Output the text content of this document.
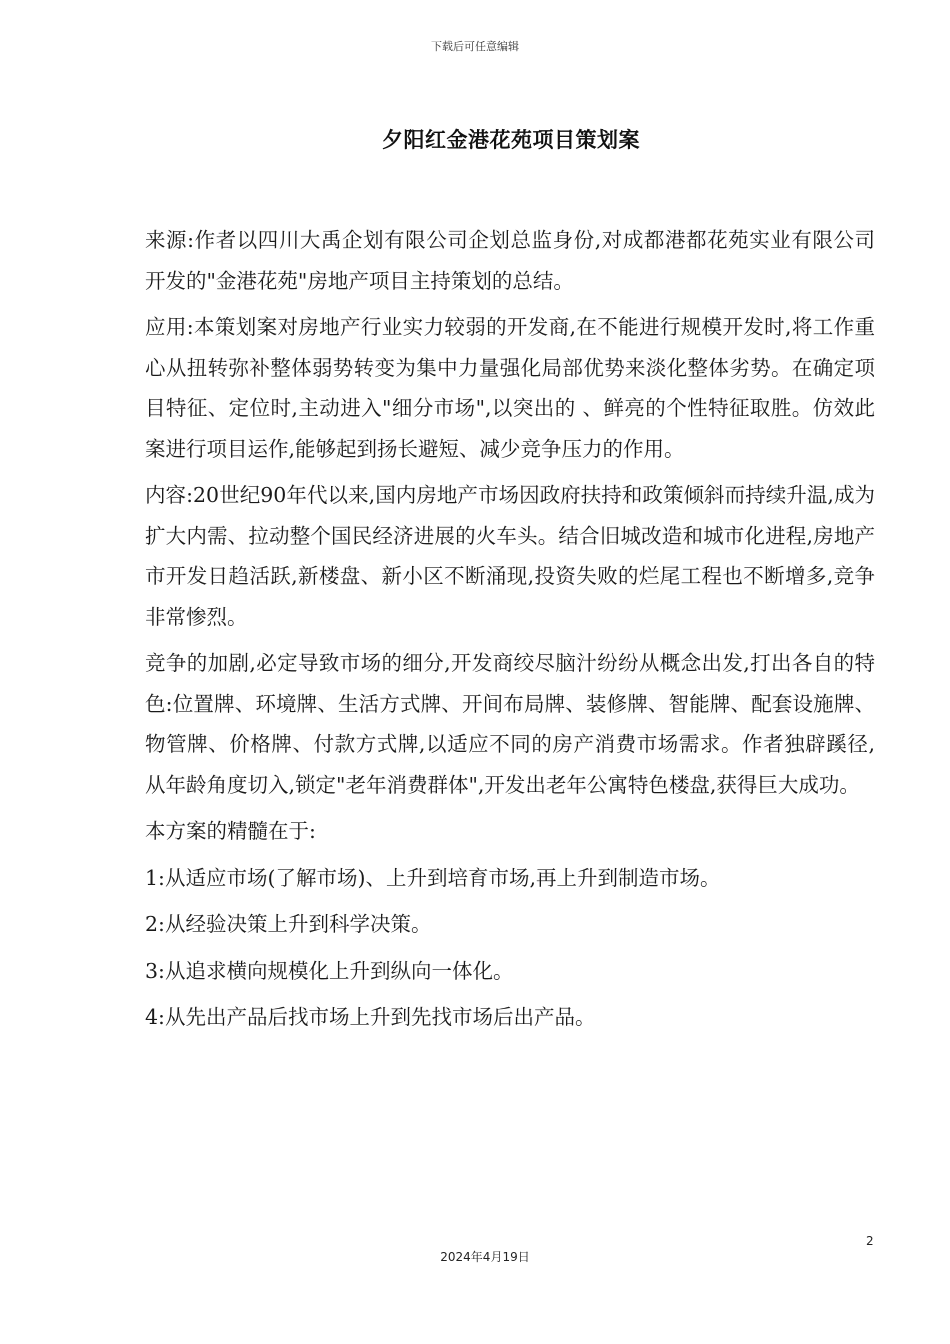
下载后可任意编辑
夕阳红金港花苑项目策划案

来源:作者以四川大禹企划有限公司企划总监身份,对成都港都花苑实业有限公司开发的"金港花苑"房地产项目主持策划的总结。

应用:本策划案对房地产行业实力较弱的开发商,在不能进行规模开发时,将工作重心从扭转弥补整体弱势转变为集中力量强化局部优势来淡化整体劣势。在确定项目特征、定位时,主动进入"细分市场",以突出的 、鲜亮的个性特征取胜。仿效此案进行项目运作,能够起到扬长避短、减少竞争压力的作用。

内容:20世纪90年代以来,国内房地产市场因政府扶持和政策倾斜而持续升温,成为扩大内需、拉动整个国民经济进展的火车头。结合旧城改造和城市化进程,房地产市开发日趋活跃,新楼盘、新小区不断涌现,投资失败的烂尾工程也不断增多,竞争非常惨烈。

竞争的加剧,必定导致市场的细分,开发商绞尽脑汁纷纷从概念出发,打出各自的特色:位置牌、环境牌、生活方式牌、开间布局牌、装修牌、智能牌、配套设施牌、物管牌、价格牌、付款方式牌,以适应不同的房产消费市场需求。作者独辟蹊径,从年龄角度切入,锁定"老年消费群体",开发出老年公寓特色楼盘,获得巨大成功。

本方案的精髓在于:

1:从适应市场(了解市场)、上升到培育市场,再上升到制造市场。

2:从经验决策上升到科学决策。

3:从追求横向规模化上升到纵向一体化。

4:从先出产品后找市场上升到先找市场后出产品。

2
2024年4月19日
